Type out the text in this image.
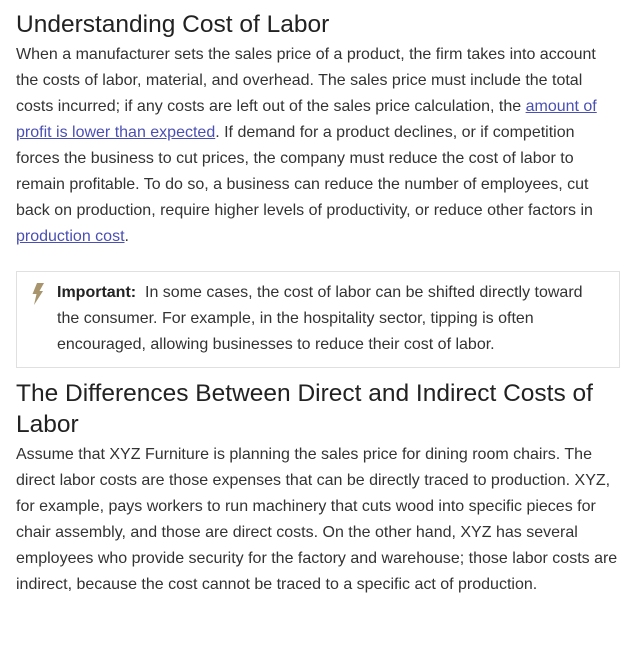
Understanding Cost of Labor

When a manufacturer sets the sales price of a product, the firm takes into account the costs of labor, material, and overhead. The sales price must include the total costs incurred; if any costs are left out of the sales price calculation, the amount of profit is lower than expected. If demand for a product declines, or if competition forces the business to cut prices, the company must reduce the cost of labor to remain profitable. To do so, a business can reduce the number of employees, cut back on production, require higher levels of productivity, or reduce other factors in production cost.

Important: In some cases, the cost of labor can be shifted directly toward the consumer. For example, in the hospitality sector, tipping is often encouraged, allowing businesses to reduce their cost of labor.

The Differences Between Direct and Indirect Costs of Labor

Assume that XYZ Furniture is planning the sales price for dining room chairs. The direct labor costs are those expenses that can be directly traced to production. XYZ, for example, pays workers to run machinery that cuts wood into specific pieces for chair assembly, and those are direct costs. On the other hand, XYZ has several employees who provide security for the factory and warehouse; those labor costs are indirect, because the cost cannot be traced to a specific act of production.
